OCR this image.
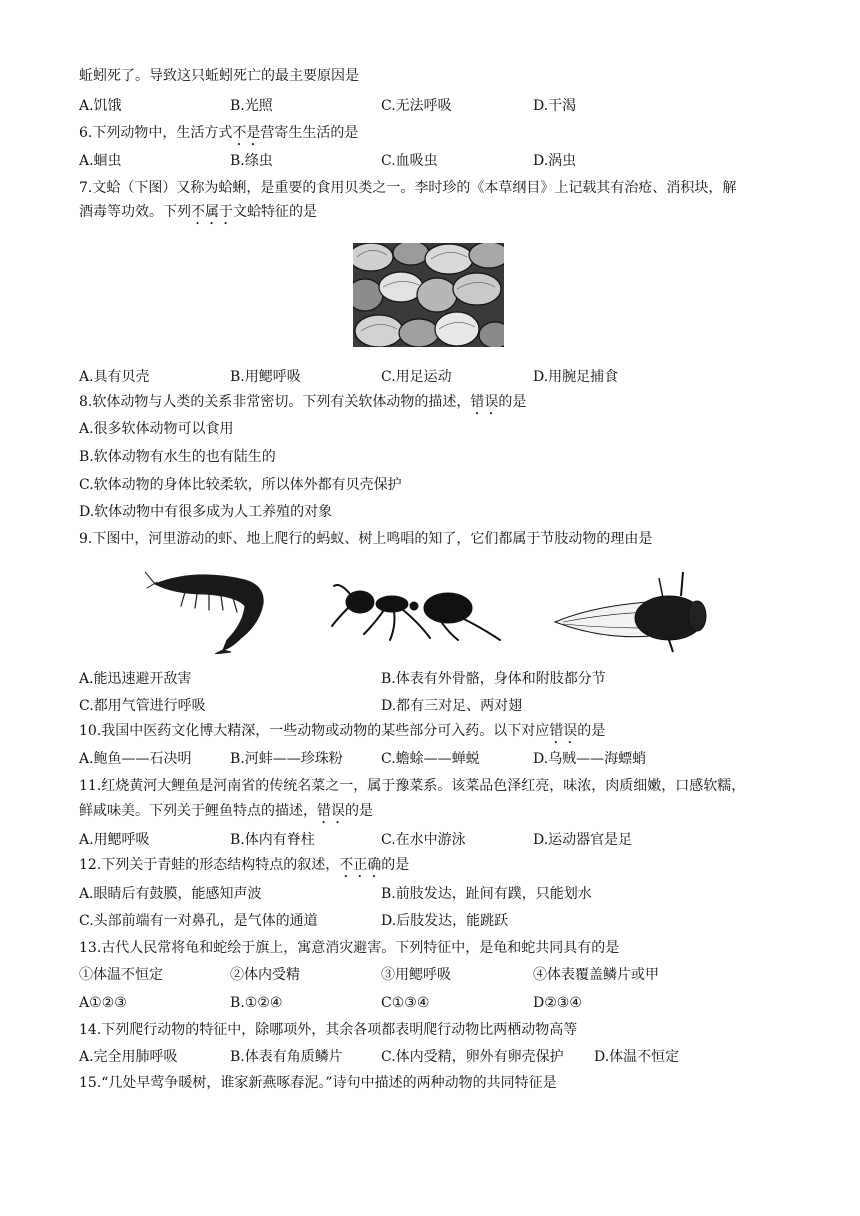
蚯蚓死了。导致这只蚯蚓死亡的最主要原因是
A.饥饿	B.光照	C.无法呼吸	D.干渴
6.下列动物中，生活方式不是营寄生生活的是
A.蛔虫	B.绦虫	C.血吸虫	D.涡虫
7.文蛤（下图）又称为蛤蜊，是重要的食用贝类之一。李时珍的《本草纲目》上记载其有治疮、消积块，解
酒毒等功效。下列不属于文蛤特征的是
A.具有贝壳	B.用鳃呼吸	C.用足运动	D.用腕足捕食
8.软体动物与人类的关系非常密切。下列有关软体动物的描述，错误的是
A.很多软体动物可以食用
B.软体动物有水生的也有陆生的
C.软体动物的身体比较柔软，所以体外都有贝壳保护
D.软体动物中有很多成为人工养殖的对象
9.下图中，河里游动的虾、地上爬行的蚂蚁、树上鸣唱的知了，它们都属于节肢动物的理由是
A.能迅速避开敌害	B.体表有外骨骼，身体和附肢都分节
C.都用气管进行呼吸	D.都有三对足、两对翅
10.我国中医药文化博大精深，一些动物或动物的某些部分可入药。以下对应错误的是
A.鲍鱼——石决明	B.河蚌——珍珠粉	C.蟾蜍——蝉蜕	D.乌贼——海螵蛸
11.红烧黄河大鲤鱼是河南省的传统名菜之一，属于豫菜系。该菜品色泽红亮，味浓，肉质细嫩，口感软糯，
鲜咸味美。下列关于鲤鱼特点的描述，错误的是
A.用鳃呼吸	B.体内有脊柱	C.在水中游泳	D.运动器官是足
12.下列关于青蛙的形态结构特点的叙述，不正确的是
A.眼睛后有鼓膜，能感知声波	B.前肢发达，趾间有蹼，只能划水
C.头部前端有一对鼻孔，是气体的通道	D.后肢发达，能跳跃
13.古代人民常将龟和蛇绘于旗上，寓意消灾避害。下列特征中，是龟和蛇共同具有的是
①体温不恒定	②体内受精	③用鳃呼吸	④体表覆盖鳞片或甲
A①②③	B.①②④	C①③④	D②③④
14.下列爬行动物的特征中，除哪项外，其余各项都表明爬行动物比两栖动物高等
A.完全用肺呼吸	B.体表有角质鳞片	C.体内受精，卵外有卵壳保护 D.体温不恒定
15.“几处早莺争暖树，谁家新燕啄春泥。”诗句中描述的两种动物的共同特征是
